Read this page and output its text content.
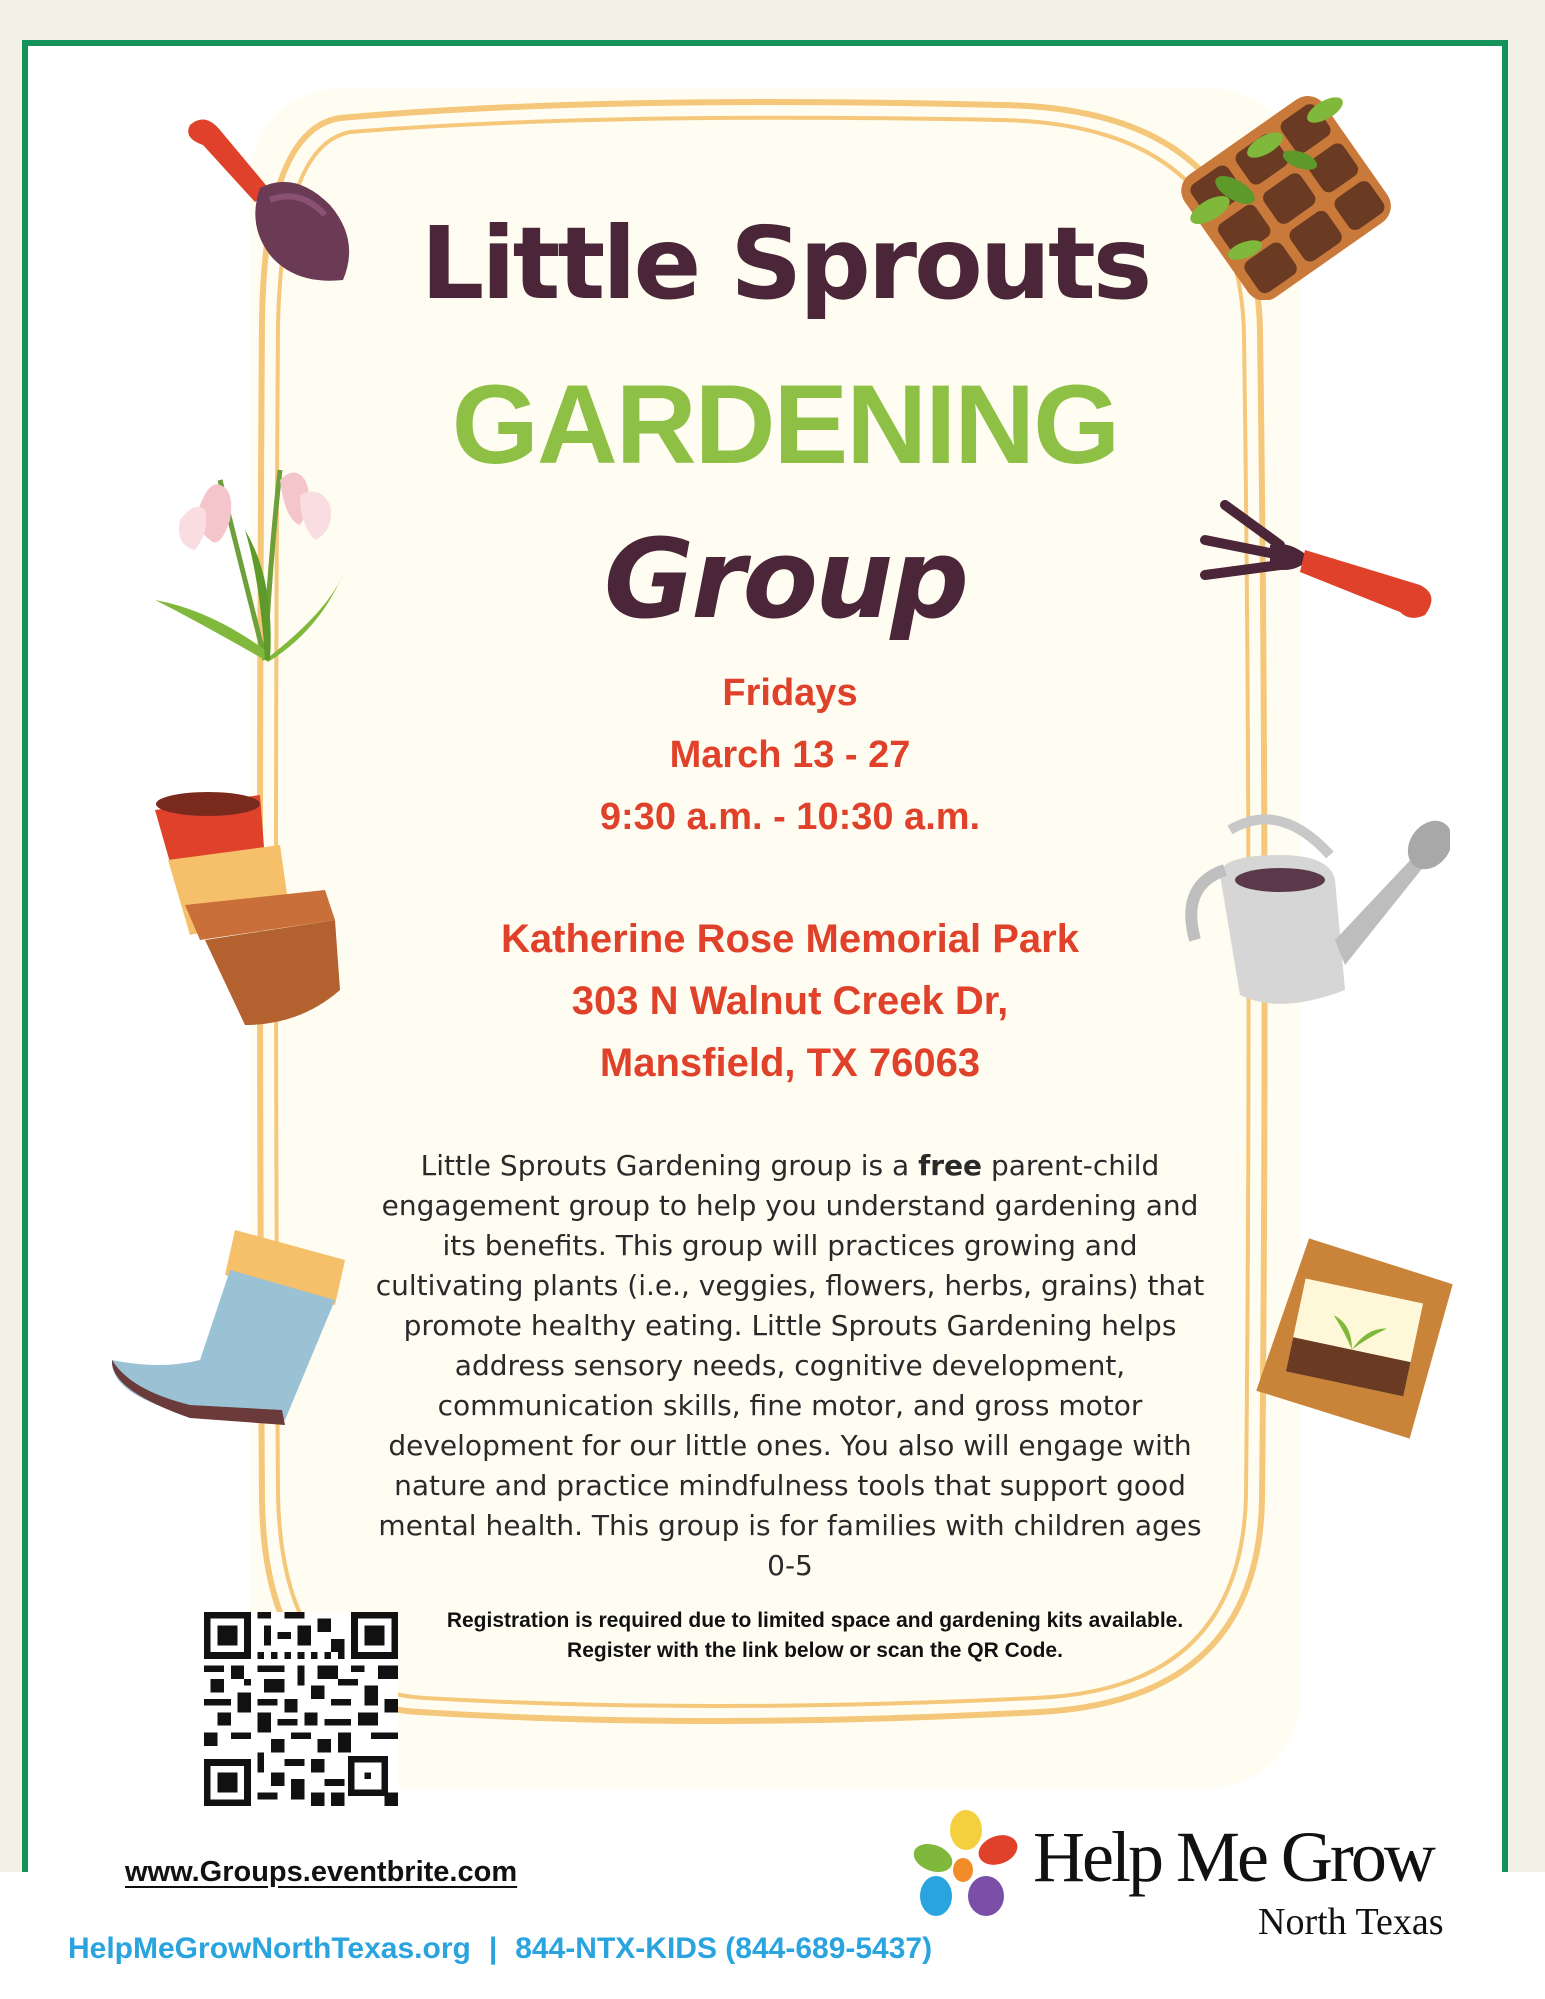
Little Sprouts
GARDENING
Group
Fridays
March 13 - 27
9:30 a.m. - 10:30 a.m.
Katherine Rose Memorial Park
303 N Walnut Creek Dr,
Mansfield, TX 76063

Little Sprouts Gardening group is a free parent-child engagement group to help you understand gardening and its benefits. This group will practices growing and cultivating plants (i.e., veggies, flowers, herbs, grains) that promote healthy eating. Little Sprouts Gardening helps address sensory needs, cognitive development, communication skills, fine motor, and gross motor development for our little ones. You also will engage with nature and practice mindfulness tools that support good mental health. This group is for families with children ages 0-5

Registration is required due to limited space and gardening kits available. Register with the link below or scan the QR Code.

www.Groups.eventbrite.com
HelpMeGrowNorthTexas.org | 844-NTX-KIDS (844-689-5437)
Help Me Grow
North Texas
